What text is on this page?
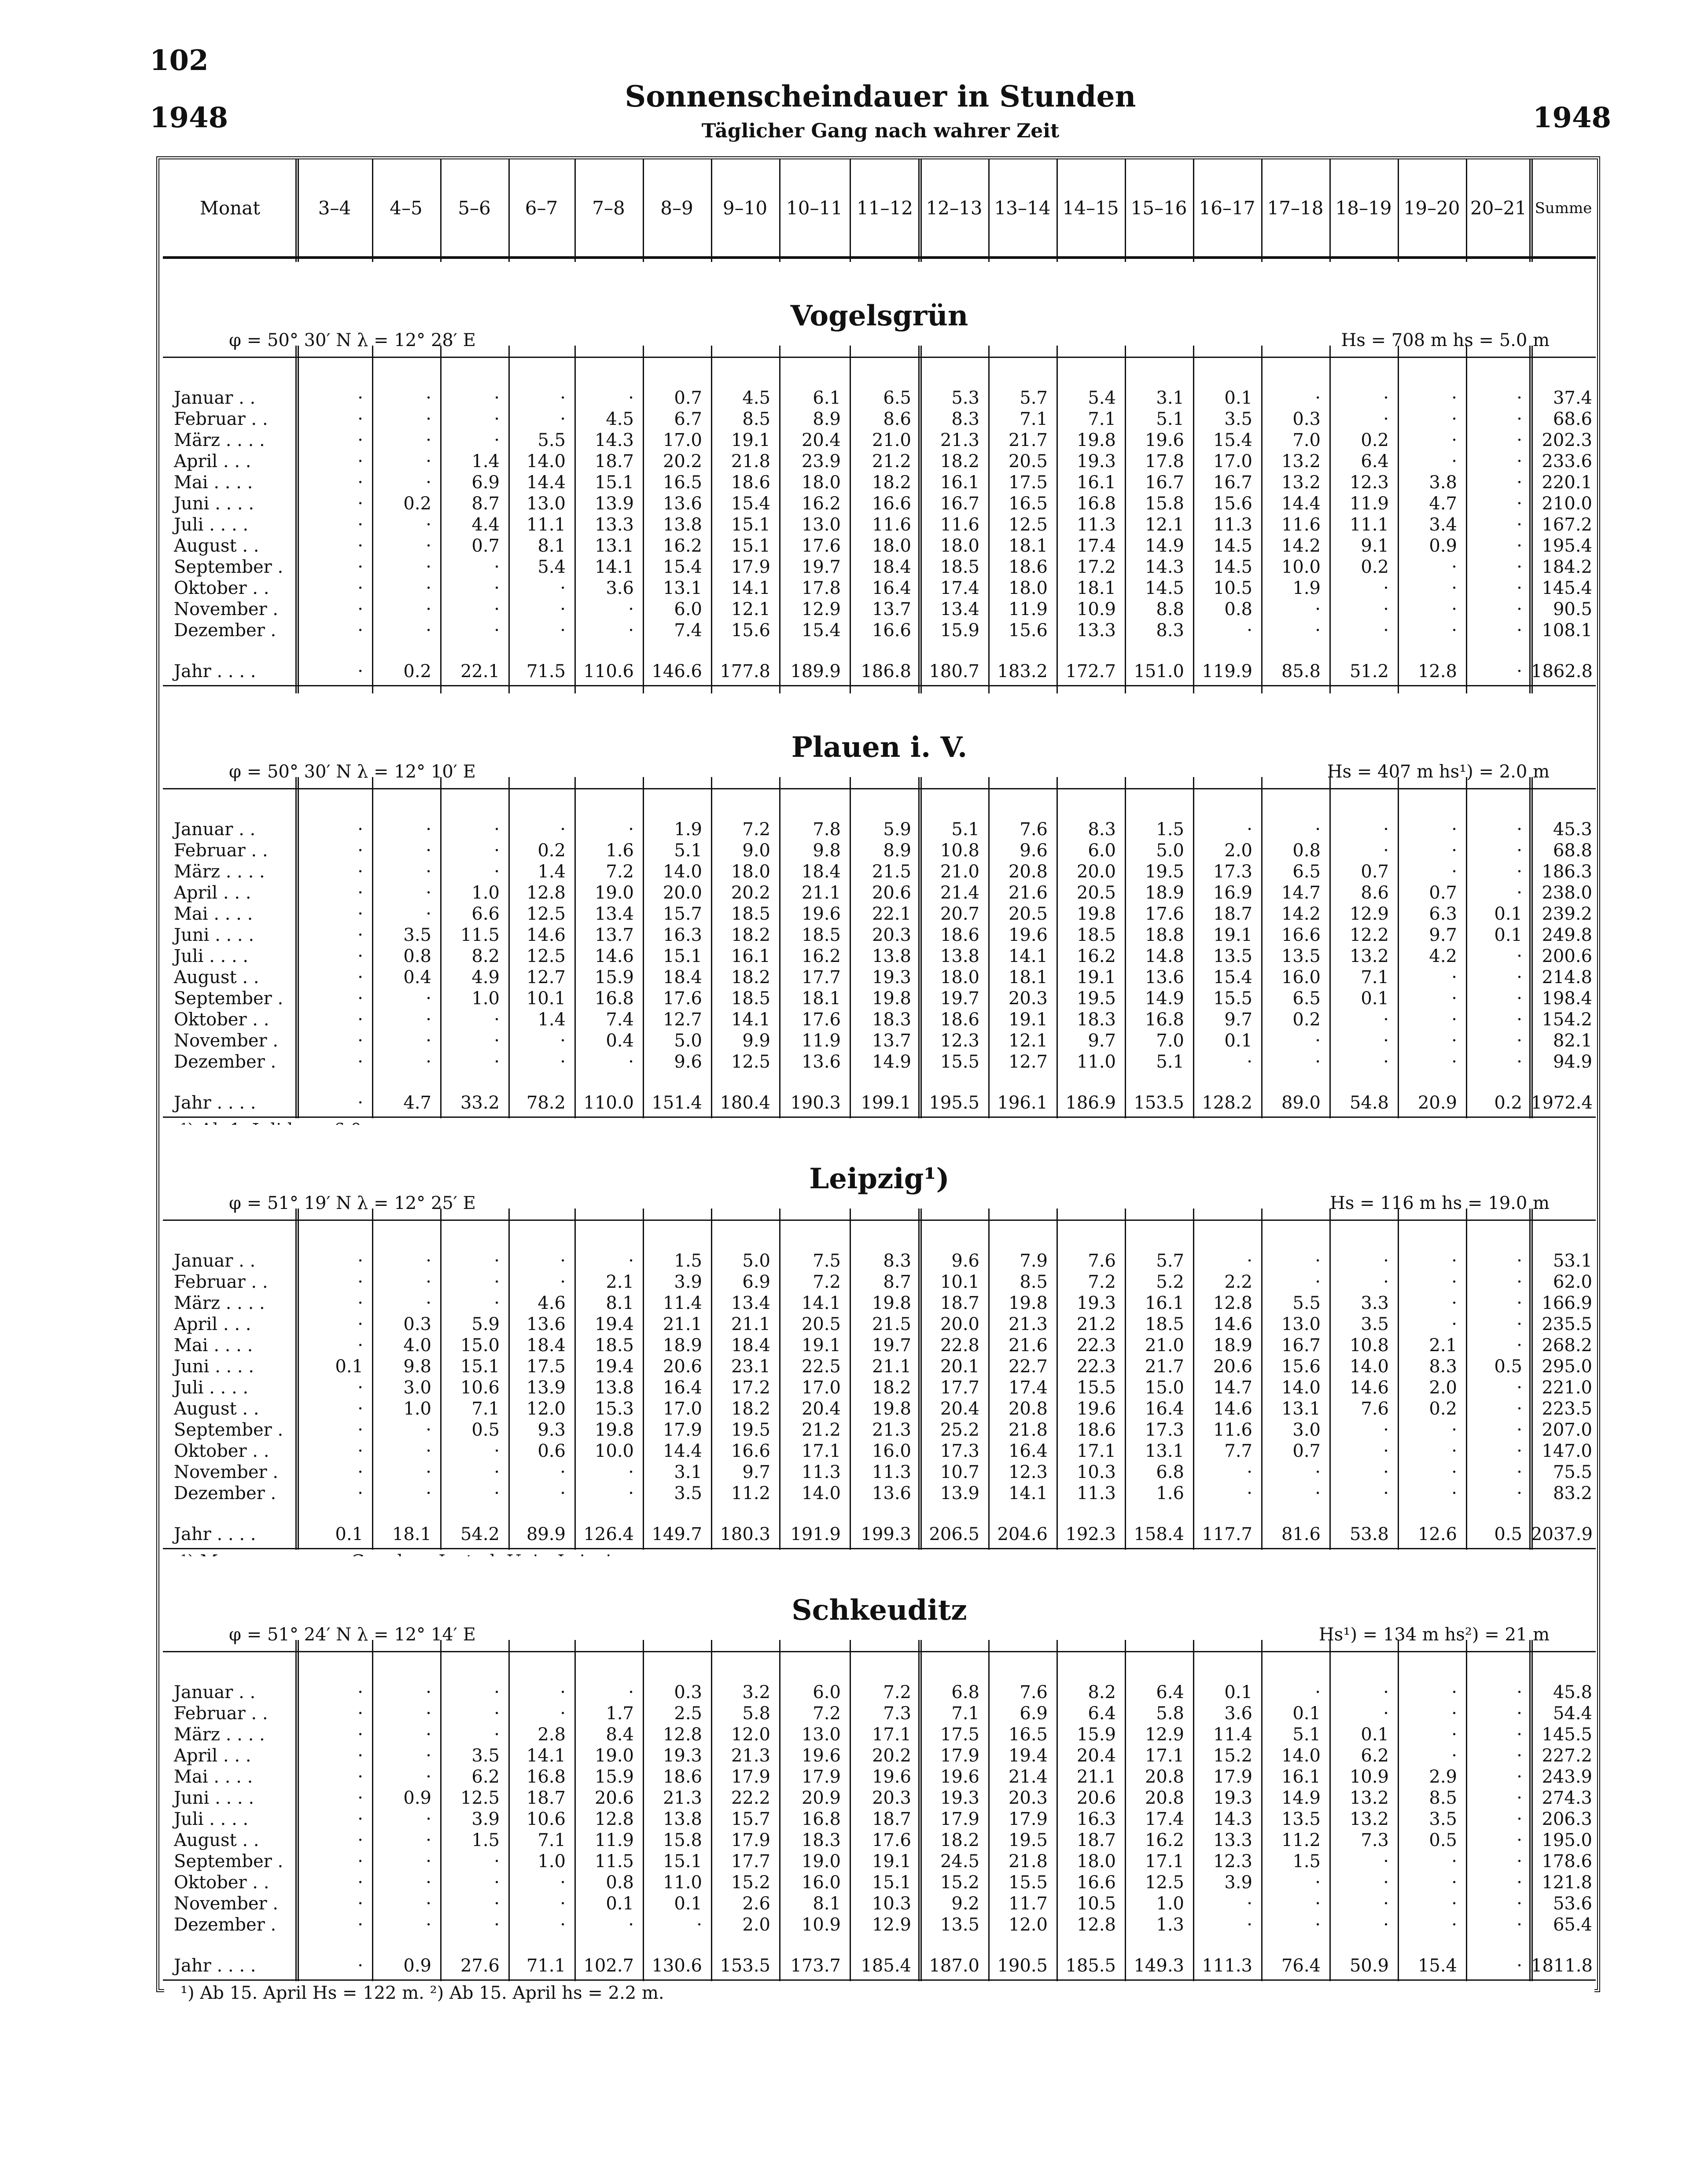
102
1948	1948
Sonnenscheindauer in Stunden
Täglicher Gang nach wahrer Zeit
Monat	3–4	4–5	5–6	6–7	7–8	8–9	9–10	10–11 11–12 12–13 13–14 14–15 15–16 16–17 17–18 18–19 19–20 20–21 Summe
Vogelsgrün
φ = 50° 30′ N λ = 12° 28′ E	Hs = 708 m hs = 5.0 m
Januar . .	·	·	·	·	·	0.7	4.5	6.1	6.5	5.3	5.7	5.4	3.1	0.1	·	·	·	·	37.4
Februar . .	·	·	·	·	4.5	6.7	8.5	8.9	8.6	8.3	7.1	7.1	5.1	3.5	0.3	·	·	·	68.6
März . . . .	·	·	·	5.5	14.3	17.0	19.1	20.4	21.0	21.3	21.7	19.8	19.6	15.4	7.0	0.2	·	·	202.3
April . . .	·	·	1.4	14.0	18.7	20.2	21.8	23.9	21.2	18.2	20.5	19.3	17.8	17.0	13.2	6.4	·	·	233.6
Mai . . . .	·	·	6.9	14.4	15.1	16.5	18.6	18.0	18.2	16.1	17.5	16.1	16.7	16.7	13.2	12.3	3.8	·	220.1
Juni . . . .	·	0.2	8.7	13.0	13.9	13.6	15.4	16.2	16.6	16.7	16.5	16.8	15.8	15.6	14.4	11.9	4.7	·	210.0
Juli . . . .	·	·	4.4	11.1	13.3	13.8	15.1	13.0	11.6	11.6	12.5	11.3	12.1	11.3	11.6	11.1	3.4	·	167.2
August . .	·	·	0.7	8.1	13.1	16.2	15.1	17.6	18.0	18.0	18.1	17.4	14.9	14.5	14.2	9.1	0.9	·	195.4
September .	·	·	·	5.4	14.1	15.4	17.9	19.7	18.4	18.5	18.6	17.2	14.3	14.5	10.0	0.2	·	·	184.2
Oktober . .	·	·	·	·	3.6	13.1	14.1	17.8	16.4	17.4	18.0	18.1	14.5	10.5	1.9	·	·	·	145.4
November .	·	·	·	·	·	6.0	12.1	12.9	13.7	13.4	11.9	10.9	8.8	0.8	·	·	·	·	90.5
Dezember .	·	·	·	·	·	7.4	15.6	15.4	16.6	15.9	15.6	13.3	8.3	·	·	·	·	·	108.1
Jahr . . . .	·	0.2	22.1	71.5	110.6	146.6	177.8	189.9	186.8	180.7	183.2	172.7	151.0	119.9	85.8	51.2	12.8	· 1862.8
Plauen i. V.
φ = 50° 30′ N λ = 12° 10′ E	Hs = 407 m hs¹) = 2.0 m
Januar . .	·	·	·	·	·	1.9	7.2	7.8	5.9	5.1	7.6	8.3	1.5	·	·	·	·	·	45.3
Februar . .	·	·	·	0.2	1.6	5.1	9.0	9.8	8.9	10.8	9.6	6.0	5.0	2.0	0.8	·	·	·	68.8
März . . . .	·	·	·	1.4	7.2	14.0	18.0	18.4	21.5	21.0	20.8	20.0	19.5	17.3	6.5	0.7	·	·	186.3
April . . .	·	·	1.0	12.8	19.0	20.0	20.2	21.1	20.6	21.4	21.6	20.5	18.9	16.9	14.7	8.6	0.7	·	238.0
Mai . . . .	·	·	6.6	12.5	13.4	15.7	18.5	19.6	22.1	20.7	20.5	19.8	17.6	18.7	14.2	12.9	6.3	0.1	239.2
Juni . . . .	·	3.5	11.5	14.6	13.7	16.3	18.2	18.5	20.3	18.6	19.6	18.5	18.8	19.1	16.6	12.2	9.7	0.1	249.8
Juli . . . .	·	0.8	8.2	12.5	14.6	15.1	16.1	16.2	13.8	13.8	14.1	16.2	14.8	13.5	13.5	13.2	4.2	·	200.6
August . .	·	0.4	4.9	12.7	15.9	18.4	18.2	17.7	19.3	18.0	18.1	19.1	13.6	15.4	16.0	7.1	·	·	214.8
September .	·	·	1.0	10.1	16.8	17.6	18.5	18.1	19.8	19.7	20.3	19.5	14.9	15.5	6.5	0.1	·	·	198.4
Oktober . .	·	·	·	1.4	7.4	12.7	14.1	17.6	18.3	18.6	19.1	18.3	16.8	9.7	0.2	·	·	·	154.2
November .	·	·	·	·	0.4	5.0	9.9	11.9	13.7	12.3	12.1	9.7	7.0	0.1	·	·	·	·	82.1
Dezember .	·	·	·	·	·	9.6	12.5	13.6	14.9	15.5	12.7	11.0	5.1	·	·	·	·	·	94.9
Jahr . . . .	·	4.7	33.2	78.2	110.0	151.4	180.4	190.3	199.1	195.5	196.1	186.9	153.5	128.2	89.0	54.8	20.9	0.2 1972.4
Leipzig¹)
φ = 51° 19′ N λ = 12° 25′ E	Hs = 116 m hs = 19.0 m
Januar . .	·	·	·	·	·	1.5	5.0	7.5	8.3	9.6	7.9	7.6	5.7	·	·	·	·	·	53.1
Februar . .	·	·	·	·	2.1	3.9	6.9	7.2	8.7	10.1	8.5	7.2	5.2	2.2	·	·	·	·	62.0
März . . . .	·	·	·	4.6	8.1	11.4	13.4	14.1	19.8	18.7	19.8	19.3	16.1	12.8	5.5	3.3	·	·	166.9
April . . .	·	0.3	5.9	13.6	19.4	21.1	21.1	20.5	21.5	20.0	21.3	21.2	18.5	14.6	13.0	3.5	·	·	235.5
Mai . . . .	·	4.0	15.0	18.4	18.5	18.9	18.4	19.1	19.7	22.8	21.6	22.3	21.0	18.9	16.7	10.8	2.1	·	268.2
Juni . . . .	0.1	9.8	15.1	17.5	19.4	20.6	23.1	22.5	21.1	20.1	22.7	22.3	21.7	20.6	15.6	14.0	8.3	0.5	295.0
Juli . . . .	·	3.0	10.6	13.9	13.8	16.4	17.2	17.0	18.2	17.7	17.4	15.5	15.0	14.7	14.0	14.6	2.0	·	221.0
August . .	·	1.0	7.1	12.0	15.3	17.0	18.2	20.4	19.8	20.4	20.8	19.6	16.4	14.6	13.1	7.6	0.2	·	223.5
September .	·	·	0.5	9.3	19.8	17.9	19.5	21.2	21.3	25.2	21.8	18.6	17.3	11.6	3.0	·	·	·	207.0
Oktober . .	·	·	·	0.6	10.0	14.4	16.6	17.1	16.0	17.3	16.4	17.1	13.1	7.7	0.7	·	·	·	147.0
November .	·	·	·	·	·	3.1	9.7	11.3	11.3	10.7	12.3	10.3	6.8	·	·	·	·	·	75.5
Dezember .	·	·	·	·	·	3.5	11.2	14.0	13.6	13.9	14.1	11.3	1.6	·	·	·	·	·	83.2
Jahr . . . .	0.1	18.1	54.2	89.9	126.4	149.7	180.3	191.9	199.3	206.5	204.6	192.3	158.4	117.7	81.6	53.8	12.6	0.5 2037.9
Schkeuditz
φ = 51° 24′ N λ = 12° 14′ E	Hs¹) = 134 m hs²) = 21 m
Januar . .	·	·	·	·	·	0.3	3.2	6.0	7.2	6.8	7.6	8.2	6.4	0.1	·	·	·	·	45.8
Februar . .	·	·	·	·	1.7	2.5	5.8	7.2	7.3	7.1	6.9	6.4	5.8	3.6	0.1	·	·	·	54.4
März . . . .	·	·	·	2.8	8.4	12.8	12.0	13.0	17.1	17.5	16.5	15.9	12.9	11.4	5.1	0.1	·	·	145.5
April . . .	·	·	3.5	14.1	19.0	19.3	21.3	19.6	20.2	17.9	19.4	20.4	17.1	15.2	14.0	6.2	·	·	227.2
Mai . . . .	·	·	6.2	16.8	15.9	18.6	17.9	17.9	19.6	19.6	21.4	21.1	20.8	17.9	16.1	10.9	2.9	·	243.9
Juni . . . .	·	0.9	12.5	18.7	20.6	21.3	22.2	20.9	20.3	19.3	20.3	20.6	20.8	19.3	14.9	13.2	8.5	·	274.3
Juli . . . .	·	·	3.9	10.6	12.8	13.8	15.7	16.8	18.7	17.9	17.9	16.3	17.4	14.3	13.5	13.2	3.5	·	206.3
August . .	·	·	1.5	7.1	11.9	15.8	17.9	18.3	17.6	18.2	19.5	18.7	16.2	13.3	11.2	7.3	0.5	·	195.0
September .	·	·	·	1.0	11.5	15.1	17.7	19.0	19.1	24.5	21.8	18.0	17.1	12.3	1.5	·	·	·	178.6
Oktober . .	·	·	·	·	0.8	11.0	15.2	16.0	15.1	15.2	15.5	16.6	12.5	3.9	·	·	·	·	121.8
November .	·	·	·	·	0.1	0.1	2.6	8.1	10.3	9.2	11.7	10.5	1.0	·	·	·	·	·	53.6
Dezember .	·	·	·	·	·	·	2.0	10.9	12.9	13.5	12.0	12.8	1.3	·	·	·	·	·	65.4
Jahr . . . .	·	0.9	27.6	71.1	102.7	130.6	153.5	173.7	185.4	187.0	190.5	185.5	149.3	111.3	76.4	50.9	15.4	· 1811.8
¹) Ab 15. April Hs = 122 m. ²) Ab 15. April hs = 2.2 m.
